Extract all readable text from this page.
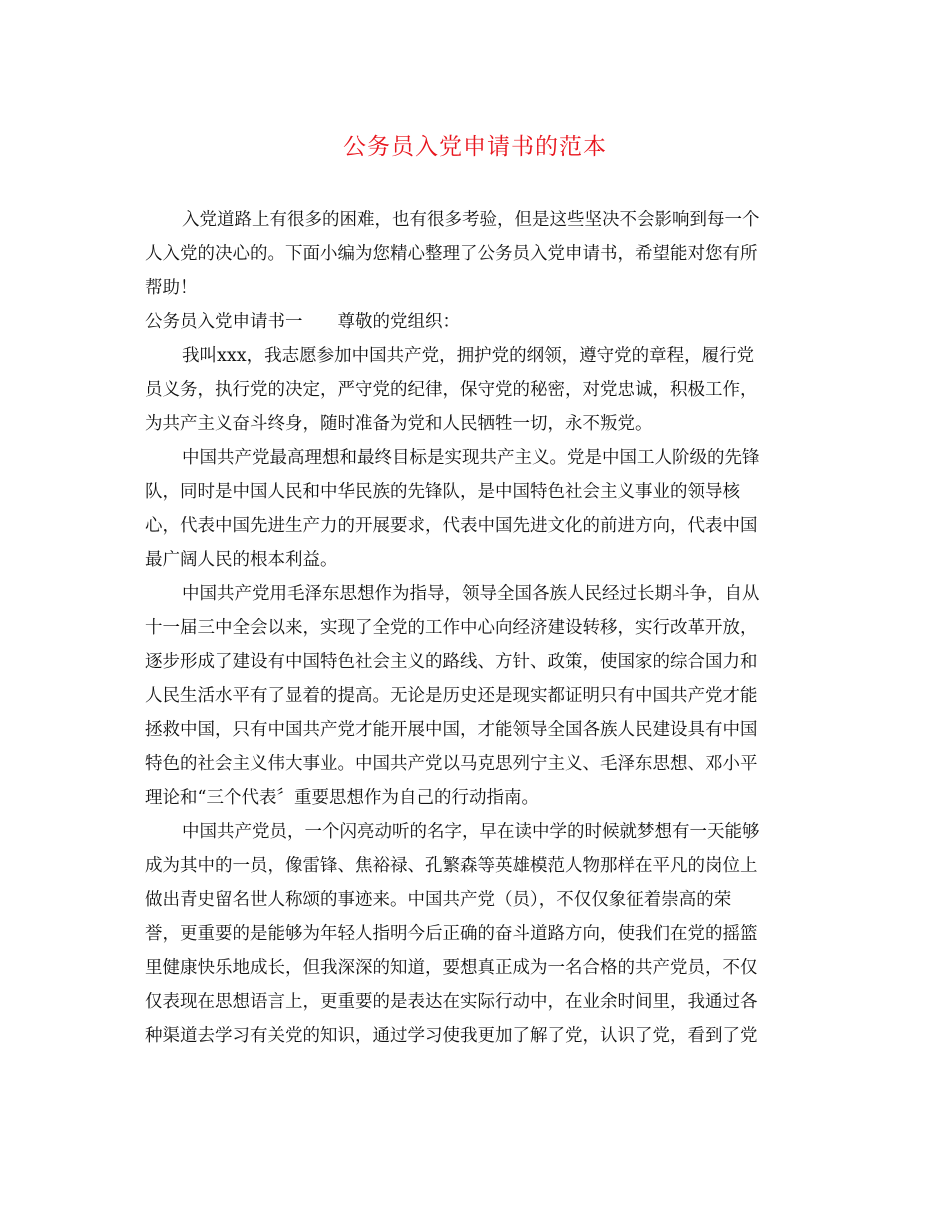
公务员入党申请书的范本
入党道路上有很多的困难，也有很多考验，但是这些坚决不会影响到每一个
人入党的决心的。下面小编为您精心整理了公务员入党申请书，希望能对您有所
帮助！
公务员入党申请书一　　尊敬的党组织：
我叫xxx，我志愿参加中国共产党，拥护党的纲领，遵守党的章程，履行党
员义务，执行党的决定，严守党的纪律，保守党的秘密，对党忠诚，积极工作，
为共产主义奋斗终身，随时准备为党和人民牺牲一切，永不叛党。
中国共产党最高理想和最终目标是实现共产主义。党是中国工人阶级的先锋
队，同时是中国人民和中华民族的先锋队，是中国特色社会主义事业的领导核
心，代表中国先进生产力的开展要求，代表中国先进文化的前进方向，代表中国
最广阔人民的根本利益。
中国共产党用毛泽东思想作为指导，领导全国各族人民经过长期斗争，自从
十一届三中全会以来，实现了全党的工作中心向经济建设转移，实行改革开放，
逐步形成了建设有中国特色社会主义的路线、方针、政策，使国家的综合国力和
人民生活水平有了显着的提高。无论是历史还是现实都证明只有中国共产党才能
拯救中国，只有中国共产党才能开展中国，才能领导全国各族人民建设具有中国
特色的社会主义伟大事业。中国共产党以马克思列宁主义、毛泽东思想、邓小平
理论和“三个代表〞重要思想作为自己的行动指南。
中国共产党员，一个闪亮动听的名字，早在读中学的时候就梦想有一天能够
成为其中的一员，像雷锋、焦裕禄、孔繁森等英雄模范人物那样在平凡的岗位上
做出青史留名世人称颂的事迹来。中国共产党（员），不仅仅象征着崇高的荣
誉，更重要的是能够为年轻人指明今后正确的奋斗道路方向，使我们在党的摇篮
里健康快乐地成长，但我深深的知道，要想真正成为一名合格的共产党员，不仅
仅表现在思想语言上，更重要的是表达在实际行动中，在业余时间里，我通过各
种渠道去学习有关党的知识，通过学习使我更加了解了党，认识了党，看到了党
